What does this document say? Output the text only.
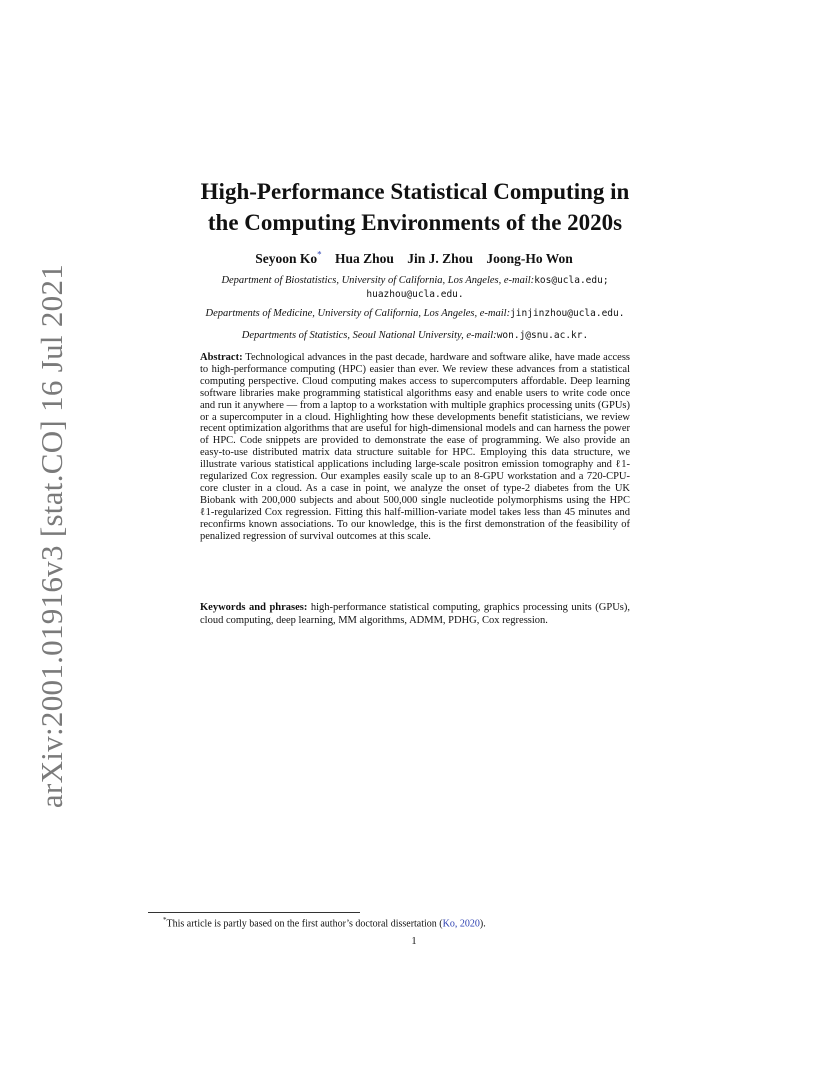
arXiv:2001.01916v3 [stat.CO] 16 Jul 2021
High-Performance Statistical Computing in
the Computing Environments of the 2020s
Seyoon Ko* Hua Zhou Jin J. Zhou Joong-Ho Won
Department of Biostatistics, University of California, Los Angeles, e-mail:kos@ucla.edu;
huazhou@ucla.edu.
Departments of Medicine, University of California, Los Angeles, e-mail:jinjinzhou@ucla.edu.
Departments of Statistics, Seoul National University, e-mail:won.j@snu.ac.kr.
Abstract: Technological advances in the past decade, hardware and software alike, have made access to high-performance computing (HPC) easier than ever. We review these advances from a statistical computing perspective. Cloud computing makes access to supercomputers affordable. Deep learning software libraries make programming statistical algorithms easy and enable users to write code once and run it anywhere — from a laptop to a workstation with multiple graphics processing units (GPUs) or a supercomputer in a cloud. Highlighting how these developments benefit statisticians, we review recent optimization algorithms that are useful for high-dimensional models and can harness the power of HPC. Code snippets are provided to demonstrate the ease of programming. We also provide an easy-to-use distributed matrix data structure suitable for HPC. Employing this data structure, we illustrate various statistical applications including large-scale positron emission tomography and ℓ1-regularized Cox regression. Our examples easily scale up to an 8-GPU workstation and a 720-CPU-core cluster in a cloud. As a case in point, we analyze the onset of type-2 diabetes from the UK Biobank with 200,000 subjects and about 500,000 single nucleotide polymorphisms using the HPC ℓ1-regularized Cox regression. Fitting this half-million-variate model takes less than 45 minutes and reconfirms known associations. To our knowledge, this is the first demonstration of the feasibility of penalized regression of survival outcomes at this scale.
Keywords and phrases: high-performance statistical computing, graphics processing units (GPUs), cloud computing, deep learning, MM algorithms, ADMM, PDHG, Cox regression.
*This article is partly based on the first author’s doctoral dissertation (Ko, 2020).
1
